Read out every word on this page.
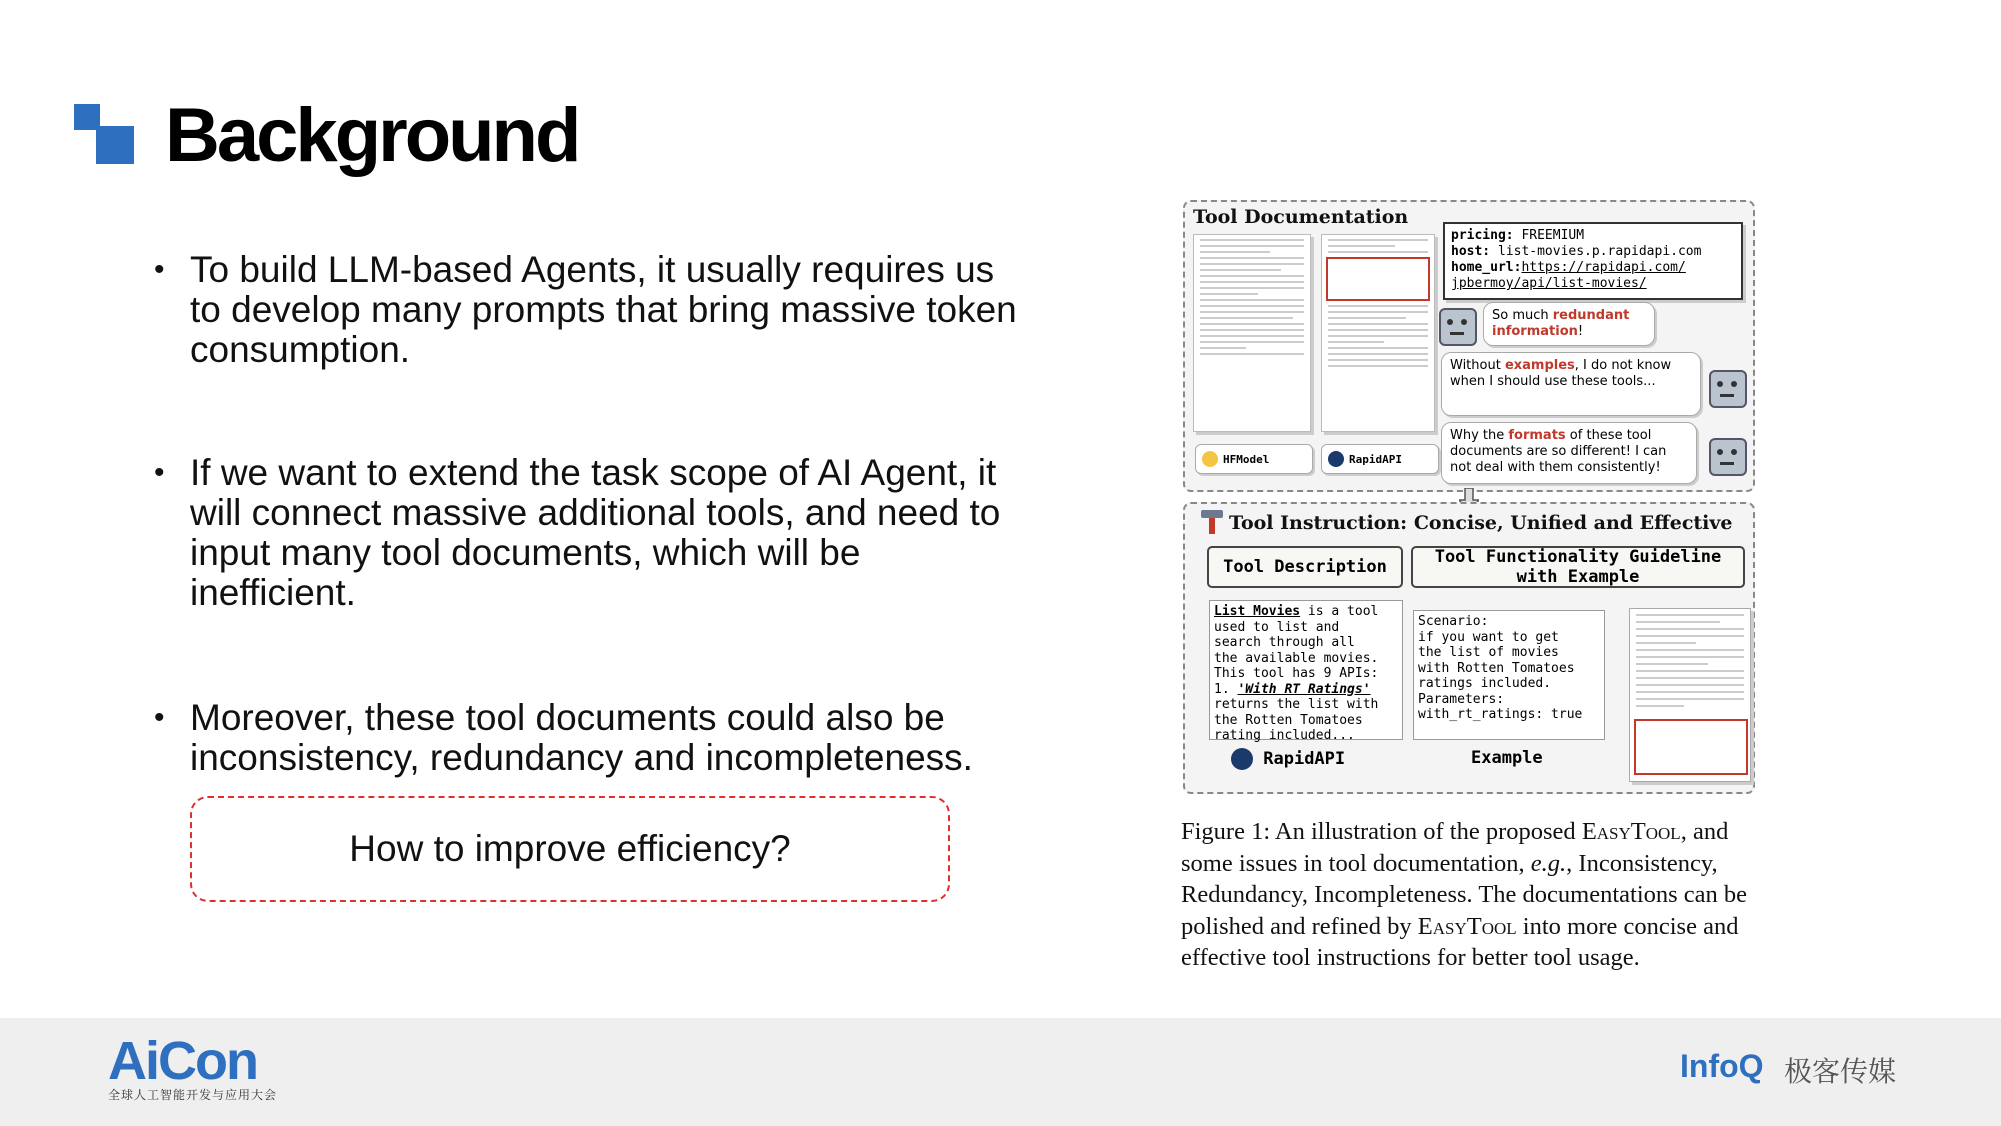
Background
• To build LLM-based Agents, it usually requires us to develop many prompts that bring massive token consumption.
• If we want to extend the task scope of AI Agent, it will connect massive additional tools, and need to input many tool documents, which will be inefficient.
• Moreover, these tool documents could also be inconsistency, redundancy and incompleteness.
How to improve efficiency?
Tool Documentation
HFModel	RapidAPI
pricing: FREEMIUM
host: list-movies.p.rapidapi.com
home_url:https://rapidapi.com/
jpbermoy/api/list-movies/
So much redundant information!
Without examples, I do not know when I should use these tools...
Why the formats of these tool documents are so different! I can not deal with them consistently!
Tool Instruction: Concise, Unified and Effective
Tool Description	Tool Functionality Guideline with Example
List Movies is a tool
used to list and
search through all
the available movies.
This tool has 9 APIs:
1. 'With RT Ratings'
returns the list with
the Rotten Tomatoes
rating included...
Scenario:
if you want to get
the list of movies
with Rotten Tomatoes
ratings included.
Parameters:
with_rt_ratings: true
RapidAPI	Example
Figure 1: An illustration of the proposed EasyTool, and some issues in tool documentation, e.g., Inconsistency, Redundancy, Incompleteness. The documentations can be polished and refined by EasyTool into more concise and effective tool instructions for better tool usage.
AiCon
全球人工智能开发与应用大会
InfoQ 极客传媒
